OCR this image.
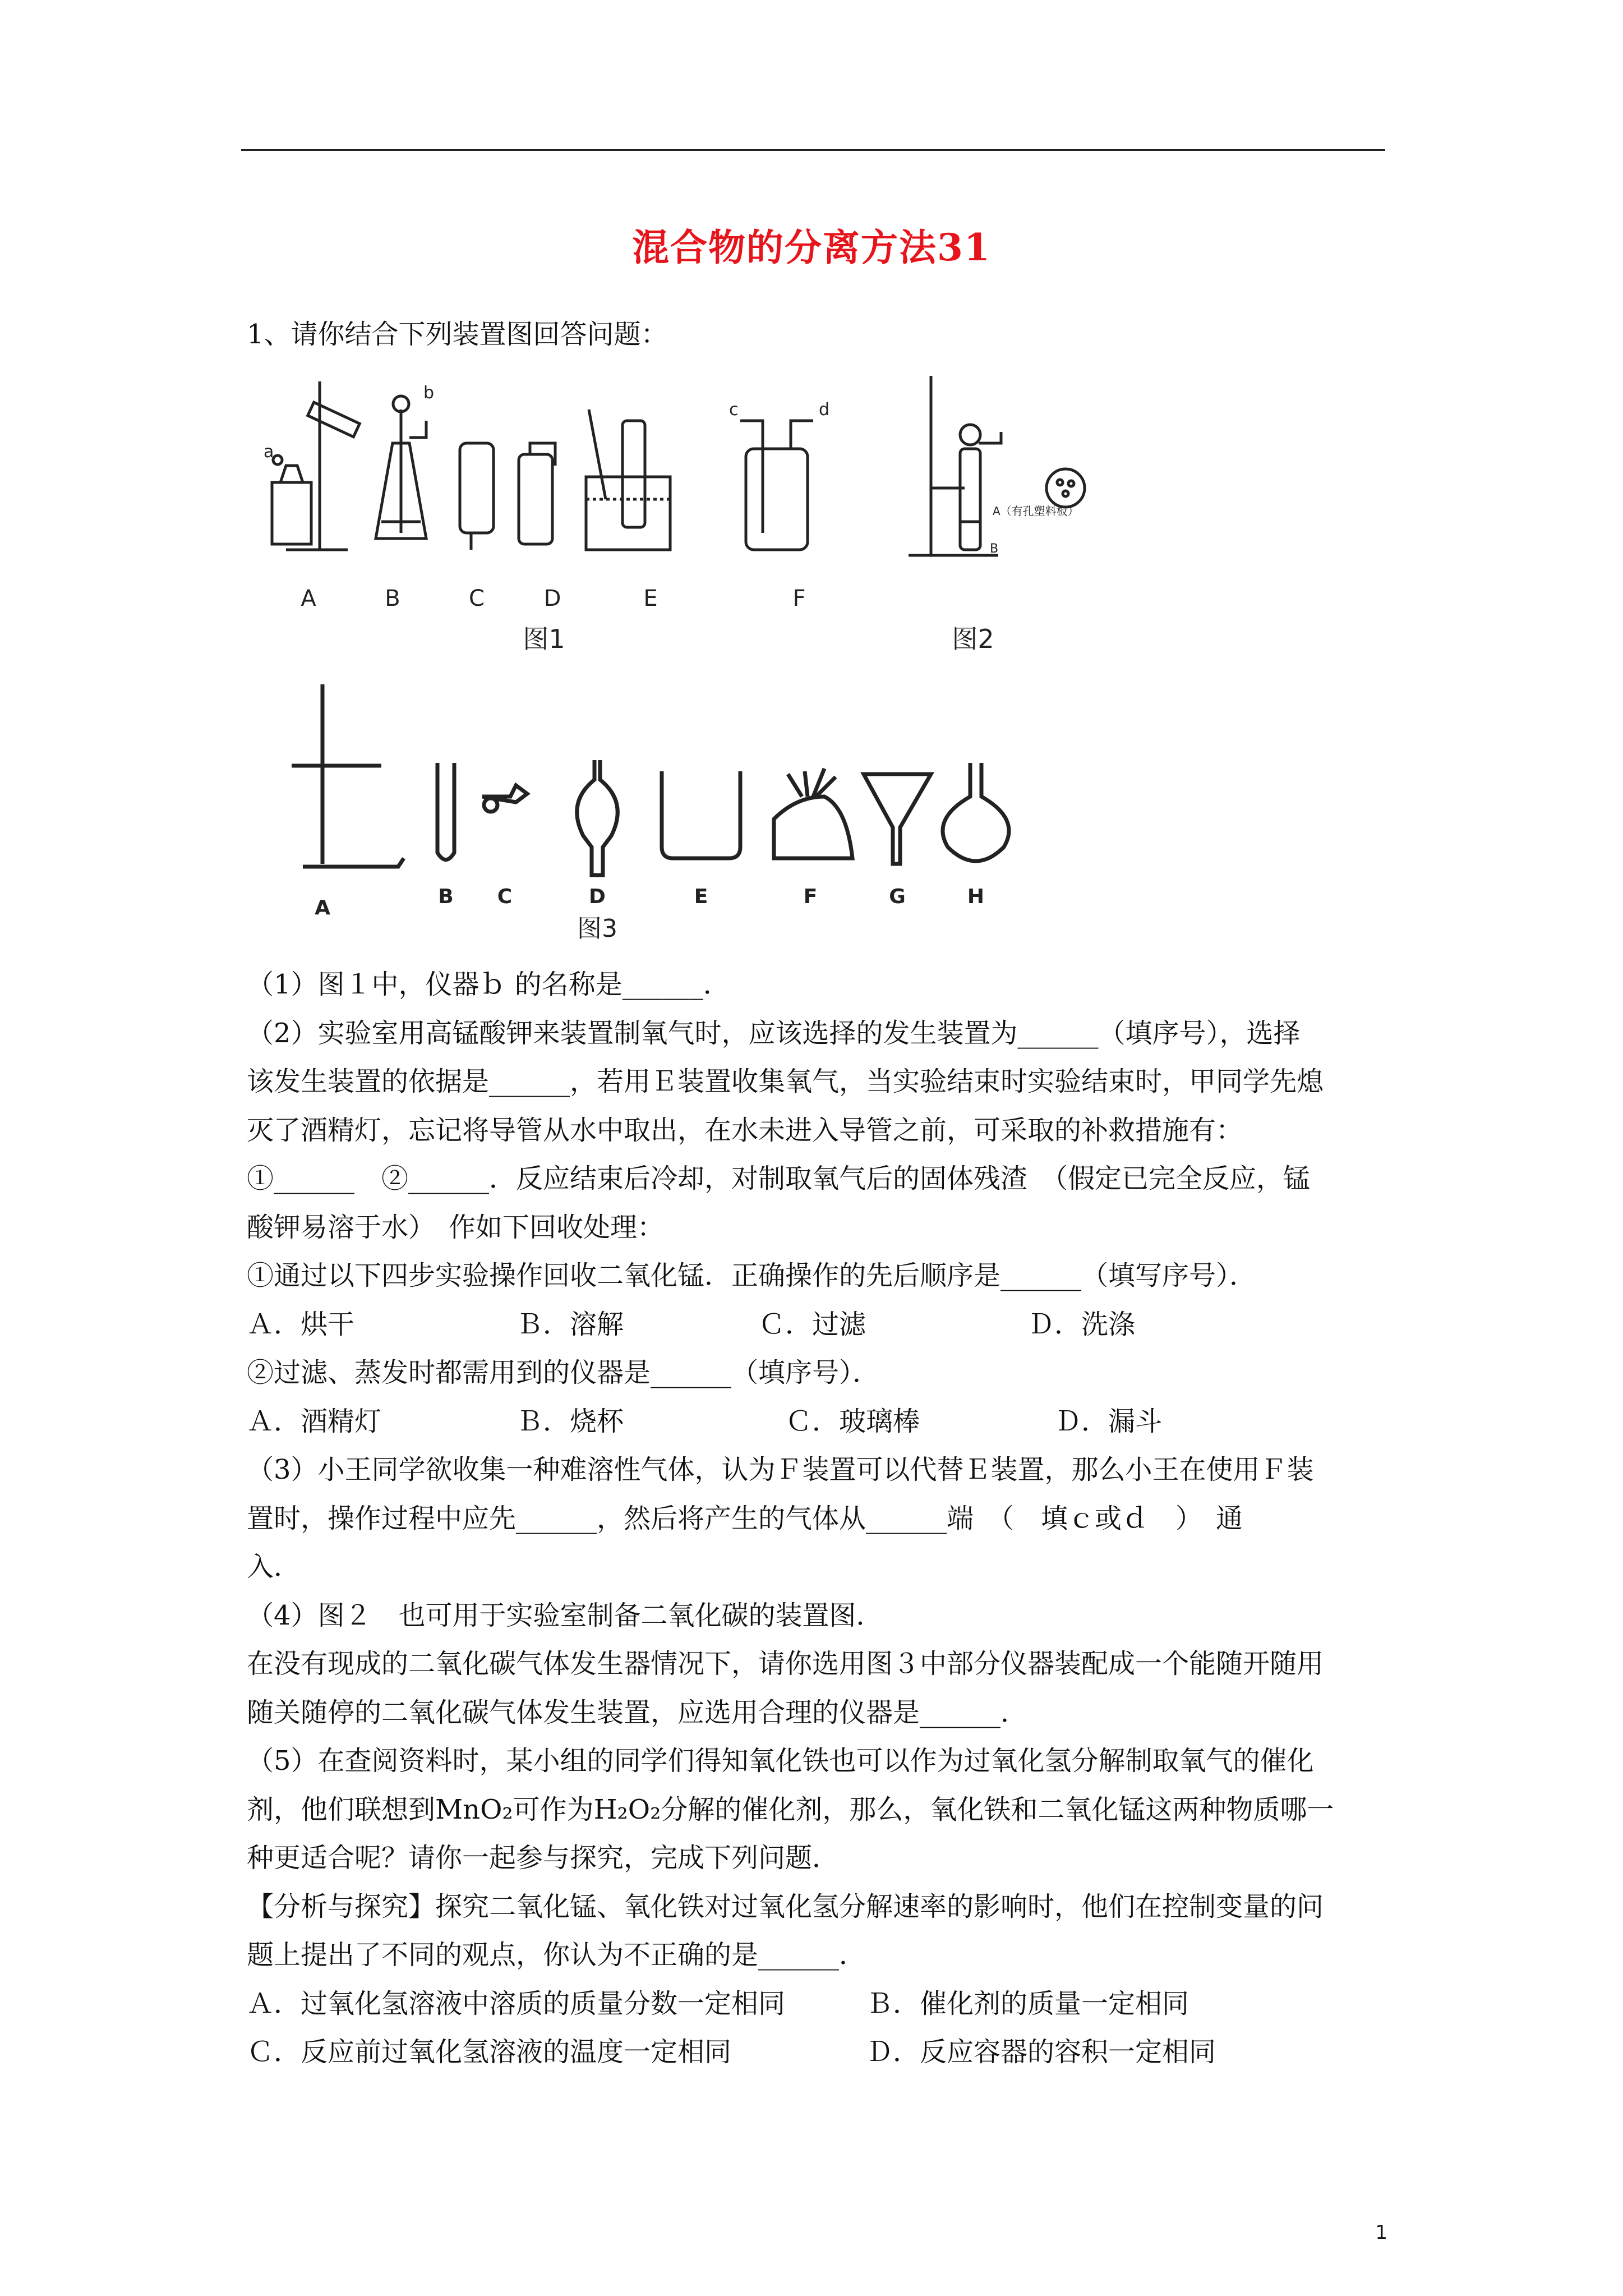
混合物的分离方法31
1、请你结合下列装置图回答问题：
b
a
c	d
A	B	C	D	E	F
图1
A（有孔塑料板）
B
图2
A	B C	D	E	F	G	H
图3
（1）图１中，仪器ｂ 的名称是______．
（2）实验室用高锰酸钾来装置制氧气时，应该选择的发生装置为______（填序号），选择
该发生装置的依据是______，若用Ｅ装置收集氧气，当实验结束时实验结束时，甲同学先熄
灭了酒精灯，忘记将导管从水中取出，在水未进入导管之前，可采取的补救措施有：
①______　②______．反应结束后冷却，对制取氧气后的固体残渣　（假定已完全反应，锰
酸钾易溶于水）　作如下回收处理：
①通过以下四步实验操作回收二氧化锰．正确操作的先后顺序是______（填写序号）．
Ａ．烘干　　　　　　Ｂ．溶解　　　　　Ｃ．过滤　　　　　　Ｄ．洗涤
②过滤、蒸发时都需用到的仪器是______（填序号）．
Ａ．酒精灯　　　　　Ｂ．烧杯　　　　　　Ｃ．玻璃棒　　　　　Ｄ．漏斗
（3）小王同学欲收集一种难溶性气体，认为Ｆ装置可以代替Ｅ装置，那么小王在使用Ｆ装
置时，操作过程中应先______，然后将产生的气体从______端　（　填ｃ或ｄ　）　通
入．
（4）图２　也可用于实验室制备二氧化碳的装置图．
在没有现成的二氧化碳气体发生器情况下，请你选用图３中部分仪器装配成一个能随开随用
随关随停的二氧化碳气体发生装置，应选用合理的仪器是______．
（5）在查阅资料时，某小组的同学们得知氧化铁也可以作为过氧化氢分解制取氧气的催化
剂，他们联想到MnO₂可作为H₂O₂分解的催化剂，那么，氧化铁和二氧化锰这两种物质哪一
种更适合呢？请你一起参与探究，完成下列问题．
【分析与探究】探究二氧化锰、氧化铁对过氧化氢分解速率的影响时，他们在控制变量的问
题上提出了不同的观点，你认为不正确的是______．
Ａ．过氧化氢溶液中溶质的质量分数一定相同　　　Ｂ．催化剂的质量一定相同
Ｃ．反应前过氧化氢溶液的温度一定相同　　　　　Ｄ．反应容器的容积一定相同
1
